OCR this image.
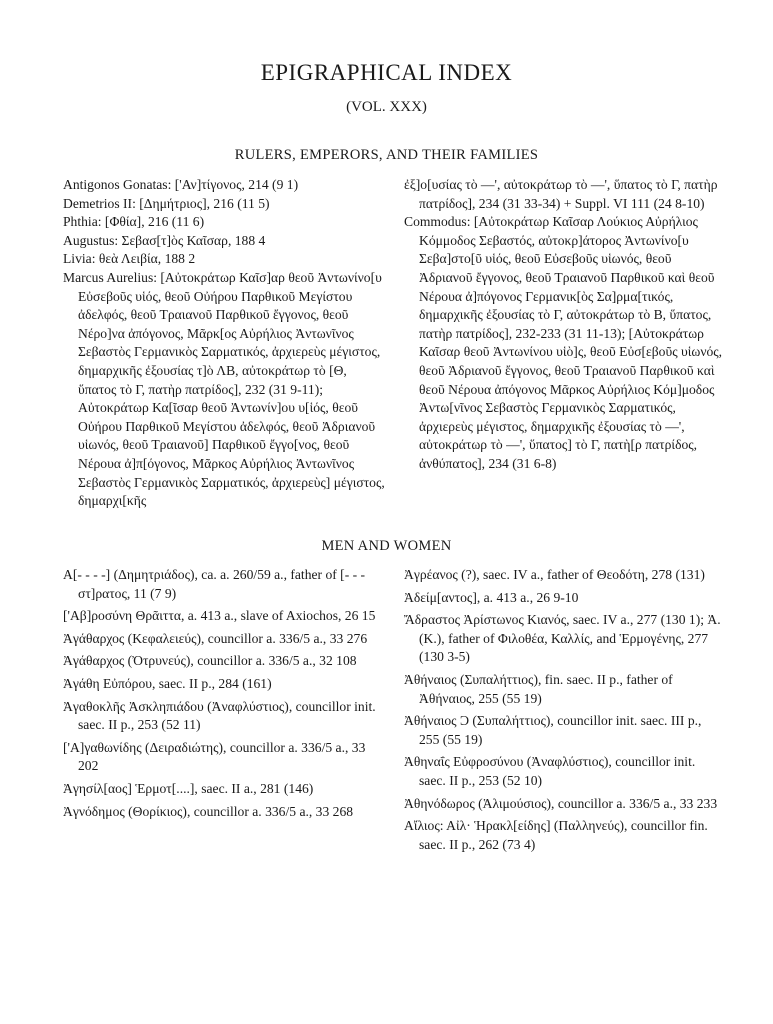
EPIGRAPHICAL INDEX
(VOL. XXX)
RULERS, EMPERORS, AND THEIR FAMILIES

Antigonos Gonatas: ['Αν]τίγονος, 214 (9 1)

Demetrios II: [Δημήτριος], 216 (11 5)

Phthia: [Φθία], 216 (11 6)

Augustus: Σεβασ[τ]ὸς Καῖσαρ, 188 4

Livia: θεὰ Λειβία, 188 2

Marcus Aurelius: [Αὐτοκράτωρ Καῖσ]αρ θεοῦ Ἀντωνίνο[υ Εὐσεβοῦς υἱός, θεοῦ Οὐήρου Παρθικοῦ Μεγίστου ἀδελφός, θεοῦ Τραιανοῦ Παρθικοῦ ἔγγονος, θεοῦ Νέρο]να ἀπόγονος, Μᾶρκ[ος Αὐρήλιος Ἀντωνῖνος Σεβαστὸς Γερμανικὸς Σαρματικός, ἀρχιερεὺς μέγιστος, δημαρχικῆς ἐξουσίας τ]ὸ ΛΒ, αὐτοκράτωρ τὸ [Θ, ὕπατος τὸ Γ, πατὴρ πατρίδος], 232 (31 9-11); Αὐτοκράτωρ Κα[ῖσαρ θεοῦ Ἀντωνίν]ου υ[ἱός, θεοῦ Οὐήρου Παρθικοῦ Μεγίστου ἀδελφός, θεοῦ Ἀδριανοῦ υἱωνός, θεοῦ Τραιανοῦ] Παρθικοῦ ἔγγο[νος, θεοῦ Νέρουα ἀ]π[όγονος, Μᾶρκος Αὐρήλιος Ἀντωνῖνος Σεβαστὸς Γερμανικὸς Σαρματικός, ἀρχιερεὺς] μέγιστος, δημαρχι[κῆς

ἐξ]ο[υσίας τὸ —', αὐτοκράτωρ τὸ —', ὕπατος τὸ Γ, πατὴρ πατρίδος], 234 (31 33-34) + Suppl. VI 111 (24 8-10)

Commodus: [Αὐτοκράτωρ Καῖσαρ Λούκιος Αὐρήλιος Κόμμοδος Σεβαστός, αὐτοκρ]άτορος Ἀντωνίνο[υ Σεβα]στο[ῦ υἱός, θεοῦ Εὐσεβοῦς υἱωνός, θεοῦ Ἀδριανοῦ ἔγγονος, θεοῦ Τραιανοῦ Παρθικοῦ καὶ θεοῦ Νέρουα ἀ]πόγονος Γερμανικ[ὸς Σα]ρμα[τικός, δημαρχικῆς ἐξουσίας τὸ Γ, αὐτοκράτωρ τὸ Β, ὕπατος, πατὴρ πατρίδος], 232-233 (31 11-13); [Αὐτοκράτωρ Καῖσαρ θεοῦ Ἀντωνίνου υἱὸ]ς, θεοῦ Εὐσ[εβοῦς υἱωνός, θεοῦ Ἀδριανοῦ ἔγγονος, θεοῦ Τραιανοῦ Παρθικοῦ καὶ θεοῦ Νέρουα ἀπόγονος Μᾶρκος Αὐρήλιος Κόμ]μοδος Ἀντω[νῖνος Σεβαστὸς Γερμανικὸς Σαρματικός, ἀρχιερεὺς μέγιστος, δημαρχικῆς ἐξουσίας τὸ —', αὐτοκράτωρ τὸ —', ὕπατος] τὸ Γ, πατὴ[ρ πατρίδος, ἀνθύπατος], 234 (31 6-8)

MEN AND WOMEN

Α[- - - -] (Δημητριάδος), ca. a. 260/59 a., father of [- - - στ]ρατος, 11 (7 9)

['Αβ]ροσύνη Θρᾶιττα, a. 413 a., slave of Axiochos, 26 15

Ἀγάθαρχος (Κεφαλειεύς), councillor a. 336/5 a., 33 276

Ἀγάθαρχος (Ὀτρυνεύς), councillor a. 336/5 a., 32 108

Ἀγάθη Εὐπόρου, saec. II p., 284 (161)

Ἀγαθοκλῆς Ἀσκληπιάδου (Ἀναφλύστιος), councillor init. saec. II p., 253 (52 11)

['Α]γαθωνίδης (Δειραδιώτης), councillor a. 336/5 a., 33 202

Ἀγησίλ[αος] Ἑρμοτ[....], saec. II a., 281 (146)

Ἀγνόδημος (Θορίκιος), councillor a. 336/5 a., 33 268

Ἀγρέανος (?), saec. IV a., father of Θεοδότη, 278 (131)

Ἀδείμ[αντος], a. 413 a., 26 9-10

Ἄδραστος Ἀρίστωνος Κιανός, saec. IV a., 277 (130 1); Ἀ. (K.), father of Φιλοθέα, Καλλίς, and Ἑρμογένης, 277 (130 3-5)

Ἀθήναιος (Συπαλήττιος), fin. saec. II p., father of Ἀθήναιος, 255 (55 19)

Ἀθήναιος Ͻ (Συπαλήττιος), councillor init. saec. III p., 255 (55 19)

Ἀθηναΐς Εὐφροσύνου (Ἀναφλύστιος), councillor init. saec. II p., 253 (52 10)

Ἀθηνόδωρος (Ἁλιμούσιος), councillor a. 336/5 a., 33 233

Αἴλιος: Αἰλ· Ἡρακλ[είδης] (Παλληνεύς), councillor fin. saec. II p., 262 (73 4)
